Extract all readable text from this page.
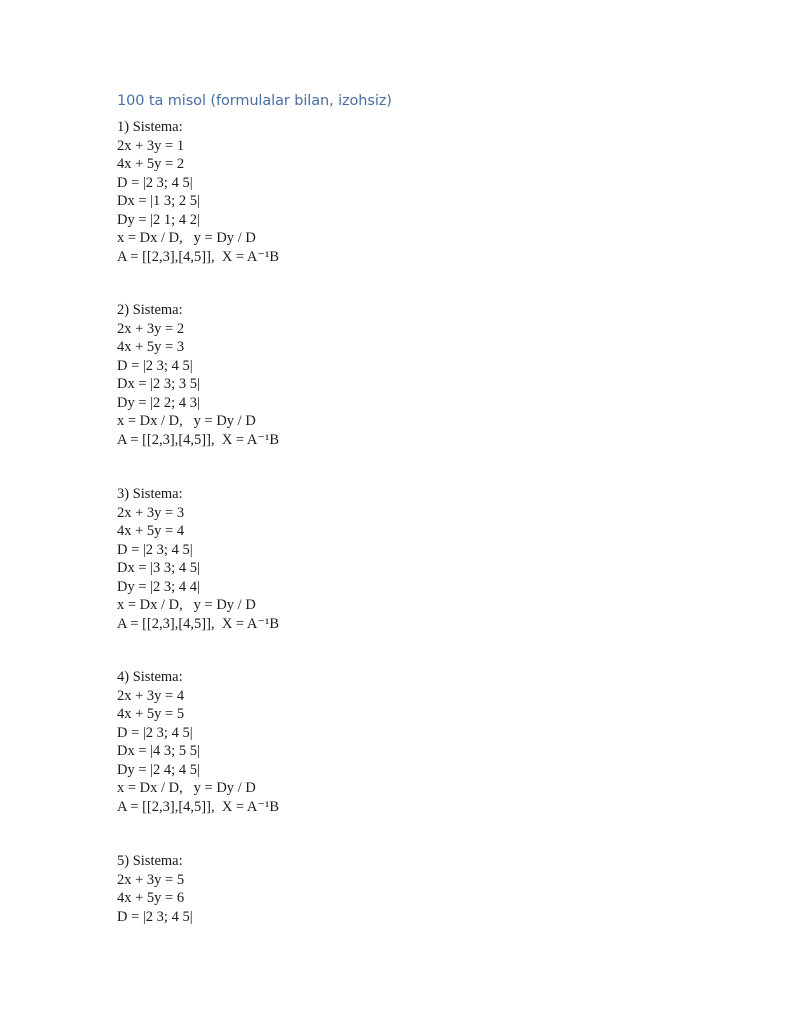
100 ta misol (formulalar bilan, izohsiz)
1) Sistema:
2x + 3y = 1
4x + 5y = 2
D = |2 3; 4 5|
Dx = |1 3; 2 5|
Dy = |2 1; 4 2|
x = Dx / D,   y = Dy / D
A = [[2,3],[4,5]],  X = A⁻¹B
2) Sistema:
2x + 3y = 2
4x + 5y = 3
D = |2 3; 4 5|
Dx = |2 3; 3 5|
Dy = |2 2; 4 3|
x = Dx / D,   y = Dy / D
A = [[2,3],[4,5]],  X = A⁻¹B
3) Sistema:
2x + 3y = 3
4x + 5y = 4
D = |2 3; 4 5|
Dx = |3 3; 4 5|
Dy = |2 3; 4 4|
x = Dx / D,   y = Dy / D
A = [[2,3],[4,5]],  X = A⁻¹B
4) Sistema:
2x + 3y = 4
4x + 5y = 5
D = |2 3; 4 5|
Dx = |4 3; 5 5|
Dy = |2 4; 4 5|
x = Dx / D,   y = Dy / D
A = [[2,3],[4,5]],  X = A⁻¹B
5) Sistema:
2x + 3y = 5
4x + 5y = 6
D = |2 3; 4 5|
